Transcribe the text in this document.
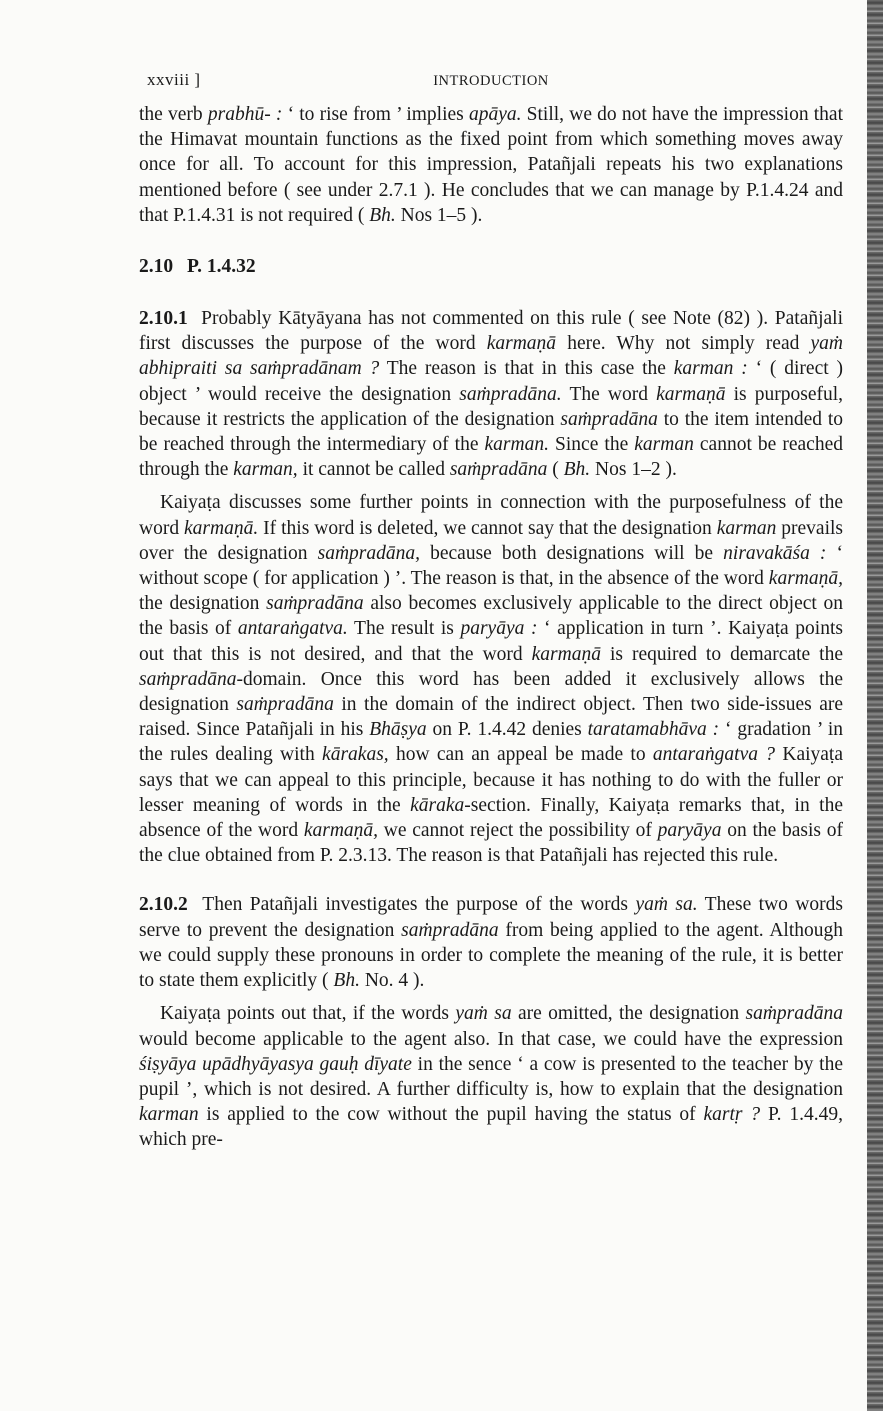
xxviii ]	INTRODUCTION

the verb prabhū- : ‘ to rise from ’ implies apāya. Still, we do not have the impression that the Himavat mountain functions as the fixed point from which something moves away once for all. To account for this impression, Patañjali repeats his two explanations mentioned before ( see under 2.7.1 ). He concludes that we can manage by P.1.4.24 and that P.1.4.31 is not required ( Bh. Nos 1–5 ).

2.10 P. 1.4.32

2.10.1 Probably Kātyāyana has not commented on this rule ( see Note (82) ). Patañjali first discusses the purpose of the word karmaṇā here. Why not simply read yaṁ abhipraiti sa saṁpradānam ? The reason is that in this case the karman : ‘ ( direct ) object ’ would receive the designation saṁpradāna. The word karmaṇā is purposeful, because it restricts the application of the designation saṁpradāna to the item intended to be reached through the intermediary of the karman. Since the karman cannot be reached through the karman, it cannot be called saṁpradāna ( Bh. Nos 1–2 ).

Kaiyaṭa discusses some further points in connection with the purposefulness of the word karmaṇā. If this word is deleted, we cannot say that the designation karman prevails over the designation saṁpradāna, because both designations will be niravakāśa : ‘ without scope ( for application ) ’. The reason is that, in the absence of the word karmaṇā, the designation saṁpradāna also becomes exclusively applicable to the direct object on the basis of antaraṅgatva. The result is paryāya : ‘ application in turn ’. Kaiyaṭa points out that this is not desired, and that the word karmaṇā is required to demarcate the saṁpradāna-domain. Once this word has been added it exclusively allows the designation saṁpradāna in the domain of the indirect object. Then two side-issues are raised. Since Patañjali in his Bhāṣya on P. 1.4.42 denies taratamabhāva : ‘ gradation ’ in the rules dealing with kārakas, how can an appeal be made to antaraṅgatva ? Kaiyaṭa says that we can appeal to this principle, because it has nothing to do with the fuller or lesser meaning of words in the kāraka-section. Finally, Kaiyaṭa remarks that, in the absence of the word karmaṇā, we cannot reject the possibility of paryāya on the basis of the clue obtained from P. 2.3.13. The reason is that Patañjali has rejected this rule.

2.10.2 Then Patañjali investigates the purpose of the words yaṁ sa. These two words serve to prevent the designation saṁpradāna from being applied to the agent. Although we could supply these pronouns in order to complete the meaning of the rule, it is better to state them explicitly ( Bh. No. 4 ).

Kaiyaṭa points out that, if the words yaṁ sa are omitted, the designation saṁpradāna would become applicable to the agent also. In that case, we could have the expression śiṣyāya upādhyāyasya gauḥ dīyate in the sence ‘ a cow is presented to the teacher by the pupil ’, which is not desired. A further difficulty is, how to explain that the designation karman is applied to the cow without the pupil having the status of kartṛ ? P. 1.4.49, which pre-
